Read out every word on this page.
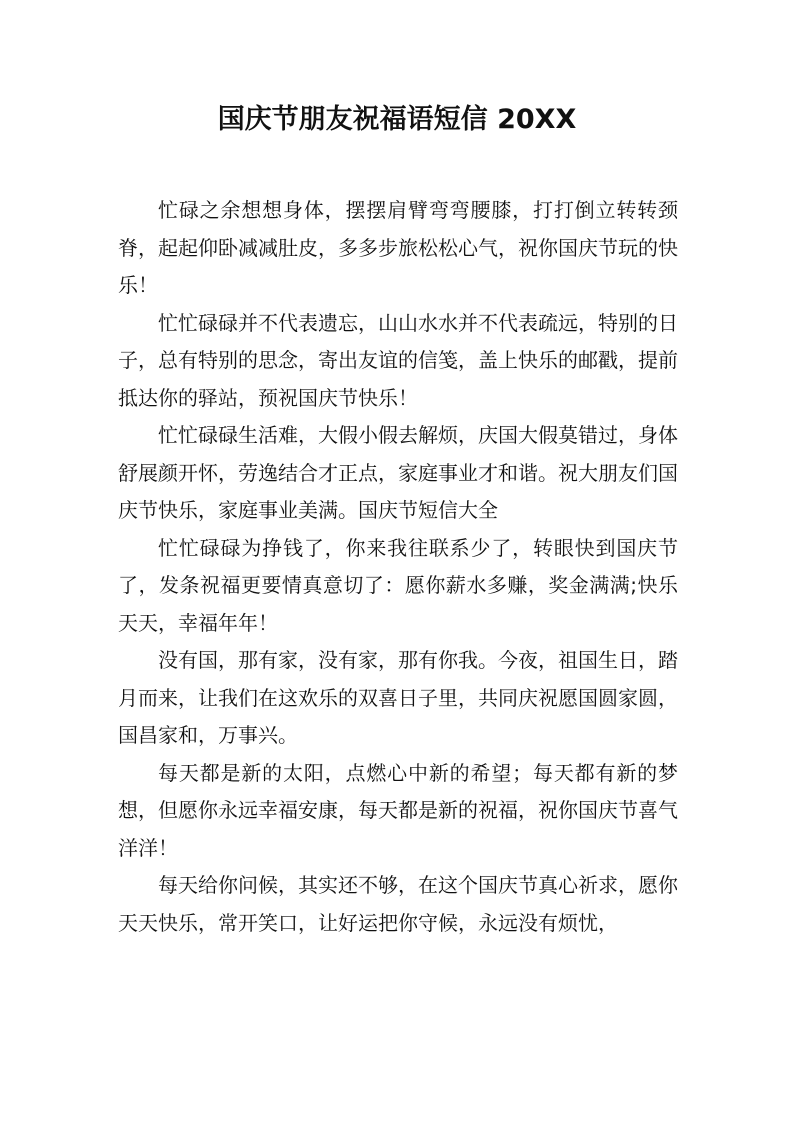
国庆节朋友祝福语短信 20XX

忙碌之余想想身体，摆摆肩臂弯弯腰膝，打打倒立转转颈脊，起起仰卧减减肚皮，多多步旅松松心气，祝你国庆节玩的快乐！

忙忙碌碌并不代表遗忘，山山水水并不代表疏远，特别的日子，总有特别的思念，寄出友谊的信笺，盖上快乐的邮戳，提前抵达你的驿站，预祝国庆节快乐！

忙忙碌碌生活难，大假小假去解烦，庆国大假莫错过，身体舒展颜开怀，劳逸结合才正点，家庭事业才和谐。祝大朋友们国庆节快乐，家庭事业美满。国庆节短信大全

忙忙碌碌为挣钱了，你来我往联系少了，转眼快到国庆节了，发条祝福更要情真意切了：愿你薪水多赚，奖金满满;快乐天天，幸福年年！

没有国，那有家，没有家，那有你我。今夜，祖国生日，踏月而来，让我们在这欢乐的双喜日子里，共同庆祝愿国圆家圆，国昌家和，万事兴。

每天都是新的太阳，点燃心中新的希望；每天都有新的梦想，但愿你永远幸福安康，每天都是新的祝福，祝你国庆节喜气洋洋！

每天给你问候，其实还不够，在这个国庆节真心祈求，愿你天天快乐，常开笑口，让好运把你守候，永远没有烦忧，
